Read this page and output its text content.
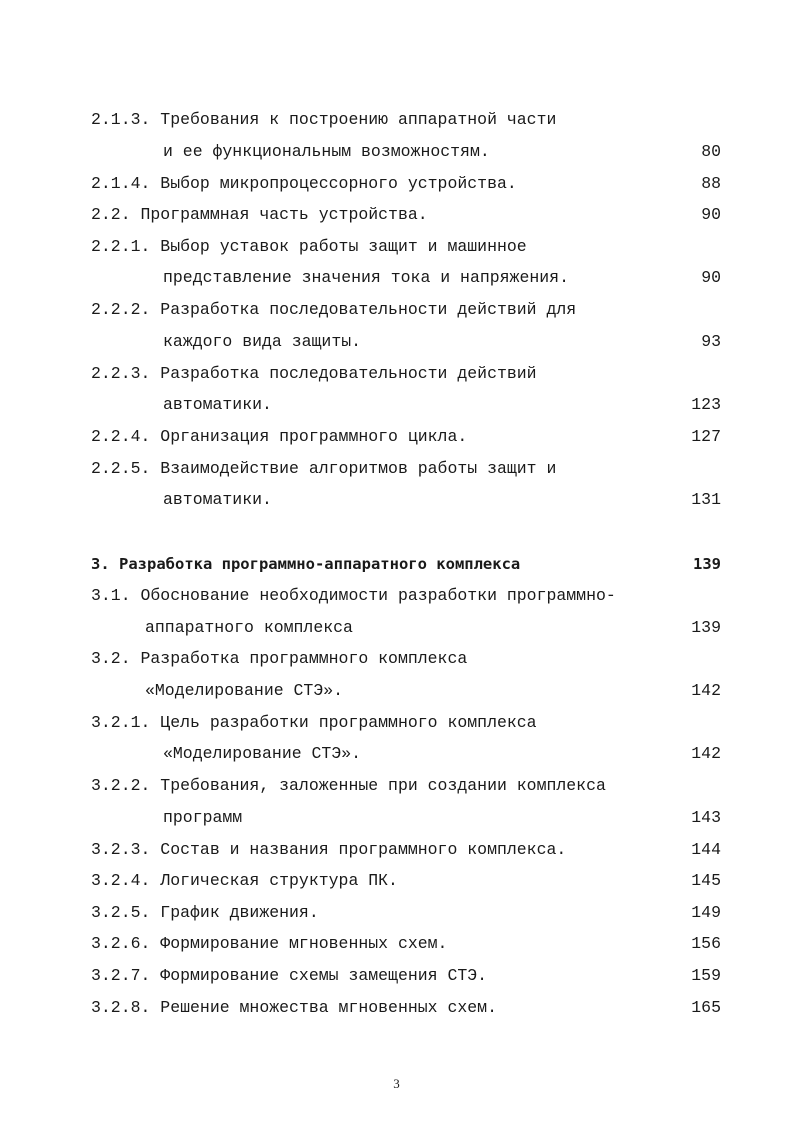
2.1.3. Требования к построению аппаратной части
и ее функциональным возможностям.	80
2.1.4. Выбор микропроцессорного устройства.	88
2.2. Программная часть устройства.	90
2.2.1. Выбор уставок работы защит и машинное
представление значения тока и напряжения.	90
2.2.2. Разработка последовательности действий для
каждого вида защиты.	93
2.2.3. Разработка последовательности действий
автоматики.	123
2.2.4. Организация программного цикла.	127
2.2.5. Взаимодействие алгоритмов работы защит и
автоматики.	131
3. Разработка программно-аппаратного комплекса	139
3.1. Обоснование необходимости разработки программно-
аппаратного комплекса	139
3.2. Разработка программного комплекса
«Моделирование СТЭ».	142
3.2.1. Цель разработки программного комплекса
«Моделирование СТЭ».	142
3.2.2. Требования, заложенные при создании комплекса
программ	143
3.2.3. Состав и названия программного комплекса.	144
3.2.4. Логическая структура ПК.	145
3.2.5. График движения.	149
3.2.6. Формирование мгновенных схем.	156
3.2.7. Формирование схемы замещения СТЭ.	159
3.2.8. Решение множества мгновенных схем.	165
3
